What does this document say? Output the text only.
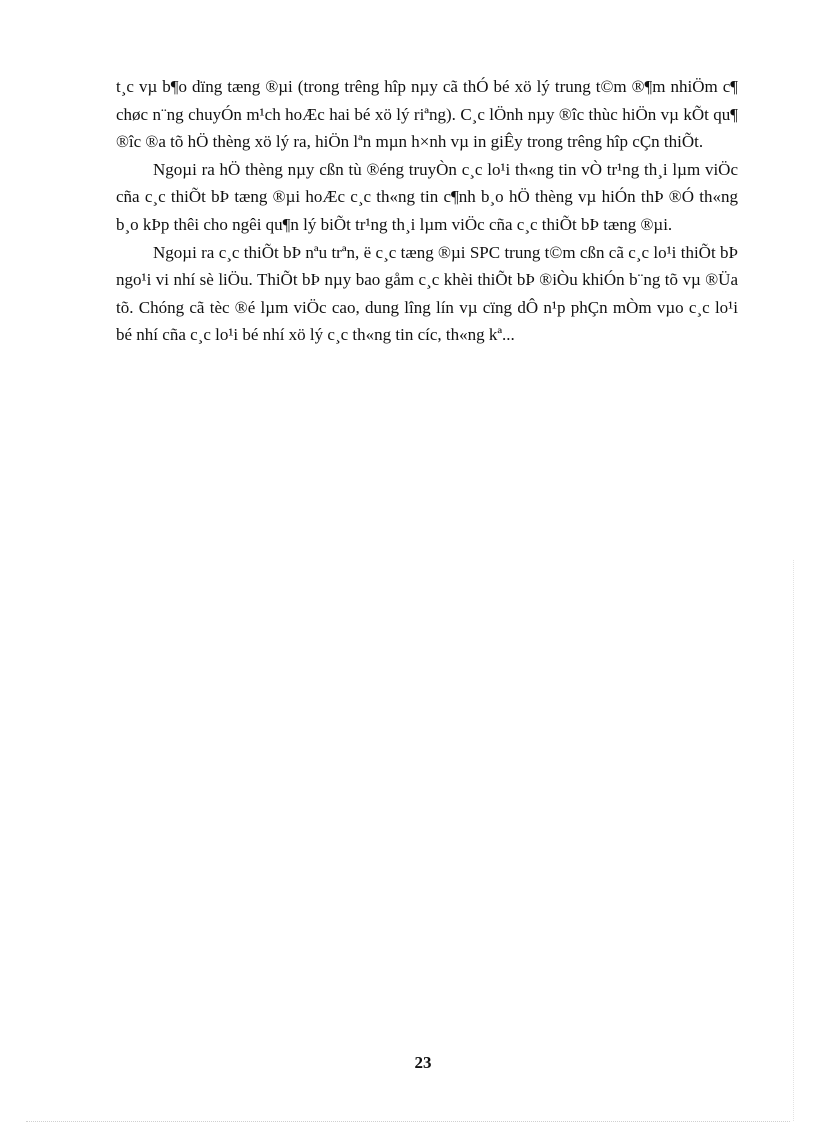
t¸c vµ b¶o dïng tæng ®µi (trong trêng hîp nµy cã thÓ bé xö lý trung t©m ®¶m nhiÖm c¶ chøc n¨ng chuyÓn m¹ch hoÆc hai bé xö lý riªng). C¸c lÖnh nµy ®îc thùc hiÖn vµ kÕt qu¶ ®îc ®a tõ hÖ thèng xö lý ra, hiÖn lªn mµn h×nh vµ in giÊy trong trêng hîp cÇn thiÕt.

Ngoµi ra hÖ thèng nµy cßn tù ®éng truyÒn c¸c lo¹i th«ng tin vÒ tr¹ng th¸i lµm viÖc cña c¸c thiÕt bÞ tæng ®µi hoÆc c¸c th«ng tin c¶nh b¸o hÖ thèng vµ hiÓn thÞ ®Ó th«ng b¸o kÞp thêi cho ngêi qu¶n lý biÕt tr¹ng th¸i lµm viÖc cña c¸c thiÕt bÞ tæng ®µi.

Ngoµi ra c¸c thiÕt bÞ nªu trªn, ë c¸c tæng ®µi SPC trung t©m cßn cã c¸c lo¹i thiÕt bÞ ngo¹i vi nhí sè liÖu. ThiÕt bÞ nµy bao gåm c¸c khèi thiÕt bÞ ®iÒu khiÓn b¨ng tõ vµ ®Üa tõ. Chóng cã tèc ®é lµm viÖc cao, dung lîng lín vµ cïng dÔ n¹p phÇn mÒm vµo c¸c lo¹i bé nhí cña c¸c lo¹i bé nhí xö lý c¸c th«ng tin cíc, th«ng kª...

23
